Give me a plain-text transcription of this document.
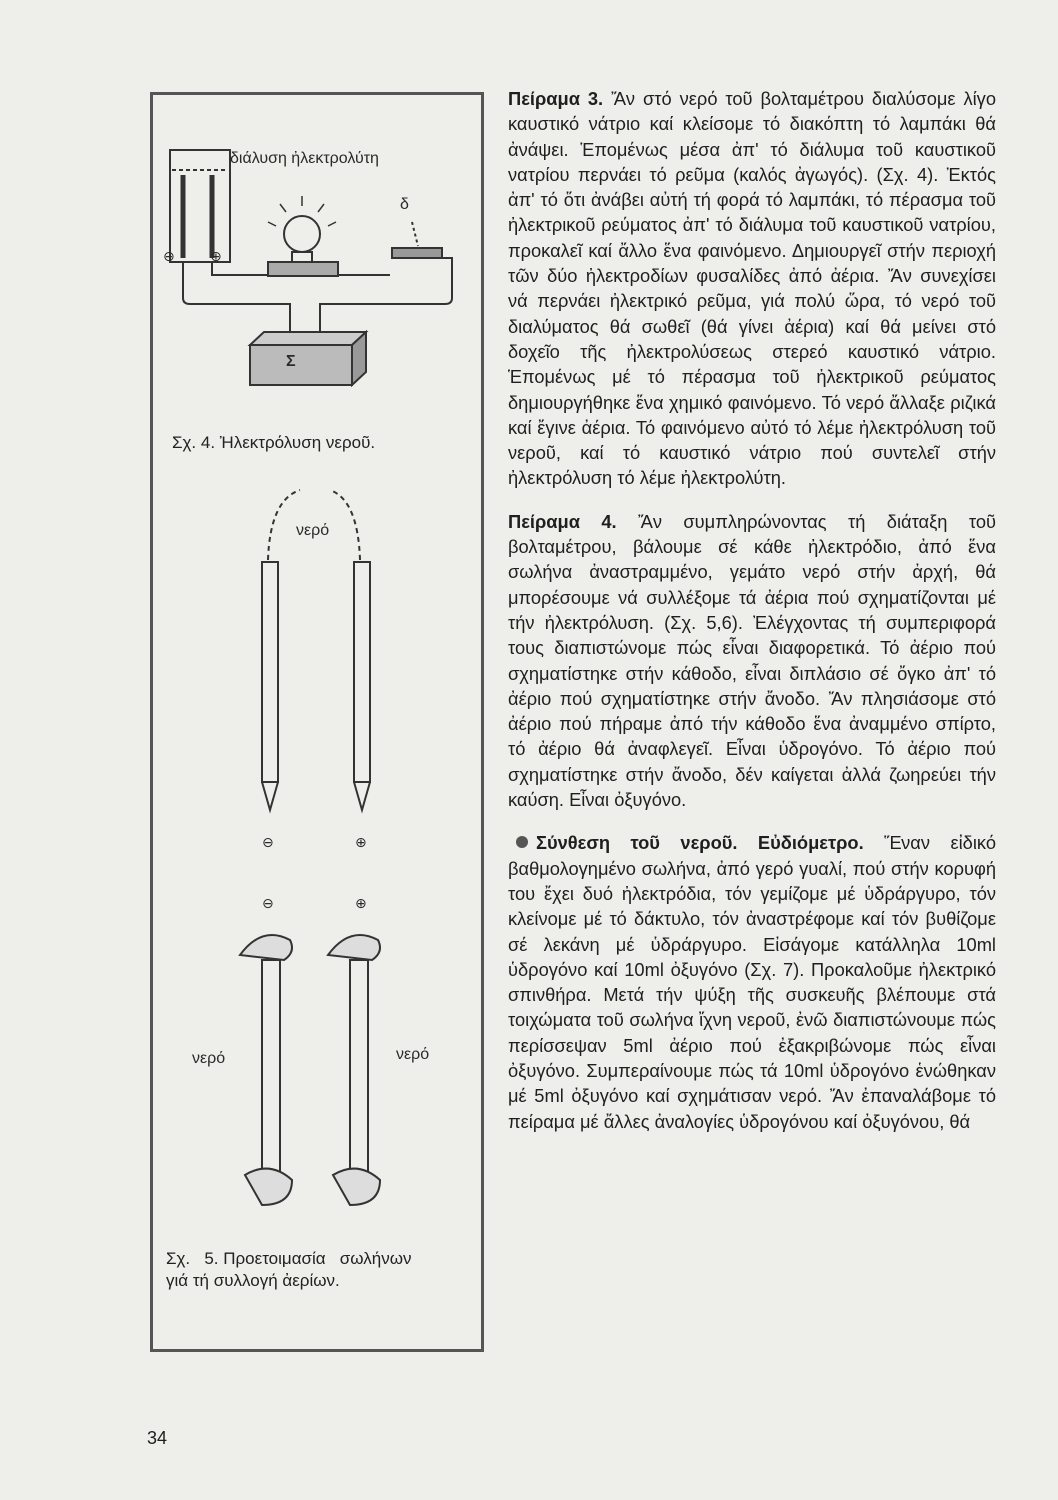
διάλυση ἠλεκτρολύτη
δ
⊖	⊕
Σ
Σχ. 4. Ἠλεκτρόλυση νεροῦ.
νερό
⊖	⊕
⊖	⊕
νερό	νερό
Σχ.   5. Προετοιμασία   σωλήνων
γιά τή συλλογή ἀερίων.

Πείραμα 3. Ἄν στό νερό τοῦ βολταμέτρου διαλύσομε λίγο καυστικό νάτριο καί κλείσομε τό διακόπτη τό λαμπάκι θά ἀνάψει. Ἑπομένως μέσα ἀπ' τό διάλυμα τοῦ καυστικοῦ νατρίου περνάει τό ρεῦμα (καλός ἀγωγός). (Σχ. 4). Ἐκτός ἀπ' τό ὅτι ἀνάβει αὐτή τή φορά τό λαμπάκι, τό πέρασμα τοῦ ἠλεκτρικοῦ ρεύματος ἀπ' τό διάλυμα τοῦ καυστικοῦ νατρίου, προκαλεῖ καί ἄλλο ἕνα φαινόμενο. Δημιουργεῖ στήν περιοχή τῶν δύο ἠλεκτροδίων φυσαλίδες ἀπό ἀέρια. Ἄν συνεχίσει νά περνάει ἠλεκτρικό ρεῦμα, γιά πολύ ὥρα, τό νερό τοῦ διαλύματος θά σωθεῖ (θά γίνει ἀέρια) καί θά μείνει στό δοχεῖο τῆς ἠλεκτρολύσεως στερεό καυστικό νάτριο. Ἑπομένως μέ τό πέρασμα τοῦ ἠλεκτρικοῦ ρεύματος δημιουργήθηκε ἕνα χημικό φαινόμενο. Τό νερό ἄλλαξε ριζικά καί ἔγινε ἀέρια. Τό φαινόμενο αὐτό τό λέμε ἠλεκτρόλυση τοῦ νεροῦ, καί τό καυστικό νάτριο πού συντελεῖ στήν ἠλεκτρόλυση τό λέμε ἠλεκτρολύτη.

Πείραμα 4. Ἄν συμπληρώνοντας τή διάταξη τοῦ βολταμέτρου, βάλουμε σέ κάθε ἠλεκτρόδιο, ἀπό ἕνα σωλήνα ἀναστραμμένο, γεμάτο νερό στήν ἀρχή, θά μπορέσουμε νά συλλέξομε τά ἀέρια πού σχηματίζονται μέ τήν ἠλεκτρόλυση. (Σχ. 5,6). Ἐλέγχοντας τή συμπεριφορά τους διαπιστώνομε πώς εἶναι διαφορετικά. Τό ἀέριο πού σχηματίστηκε στήν κάθοδο, εἶναι διπλάσιο σέ ὄγκο ἀπ' τό ἀέριο πού σχηματίστηκε στήν ἄνοδο. Ἄν πλησιάσομε στό ἀέριο πού πήραμε ἀπό τήν κάθοδο ἕνα ἀναμμένο σπίρτο, τό ἀέριο θά ἀναφλεγεῖ. Εἶναι ὑδρογόνο. Τό ἀέριο πού σχηματίστηκε στήν ἄνοδο, δέν καίγεται ἀλλά ζωηρεύει τήν καύση. Εἶναι ὀξυγόνο.

Σύνθεση τοῦ νεροῦ. Εὐδιόμετρο. Ἕναν εἰδικό βαθμολογημένο σωλήνα, ἀπό γερό γυαλί, πού στήν κορυφή του ἔχει δυό ἠλεκτρόδια, τόν γεμίζομε μέ ὑδράργυρο, τόν κλείνομε μέ τό δάκτυλο, τόν ἀναστρέφομε καί τόν βυθίζομε σέ λεκάνη μέ ὑδράργυρο. Εἰσάγομε κατάλληλα 10ml ὑδρογόνο καί 10ml ὀξυγόνο (Σχ. 7). Προκαλοῦμε ἠλεκτρικό σπινθήρα. Μετά τήν ψύξη τῆς συσκευῆς βλέπουμε στά τοιχώματα τοῦ σωλήνα ἴχνη νεροῦ, ἐνῶ διαπιστώνουμε πώς περίσσεψαν 5ml ἀέριο πού ἐξακριβώνομε πώς εἶναι ὀξυγόνο. Συμπεραίνουμε πώς τά 10ml ὑδρογόνο ἑνώθηκαν μέ 5ml ὀξυγόνο καί σχημάτισαν νερό. Ἄν ἐπαναλάβομε τό πείραμα μέ ἄλλες ἀναλογίες ὑδρογόνου καί ὀξυγόνου, θά

34
